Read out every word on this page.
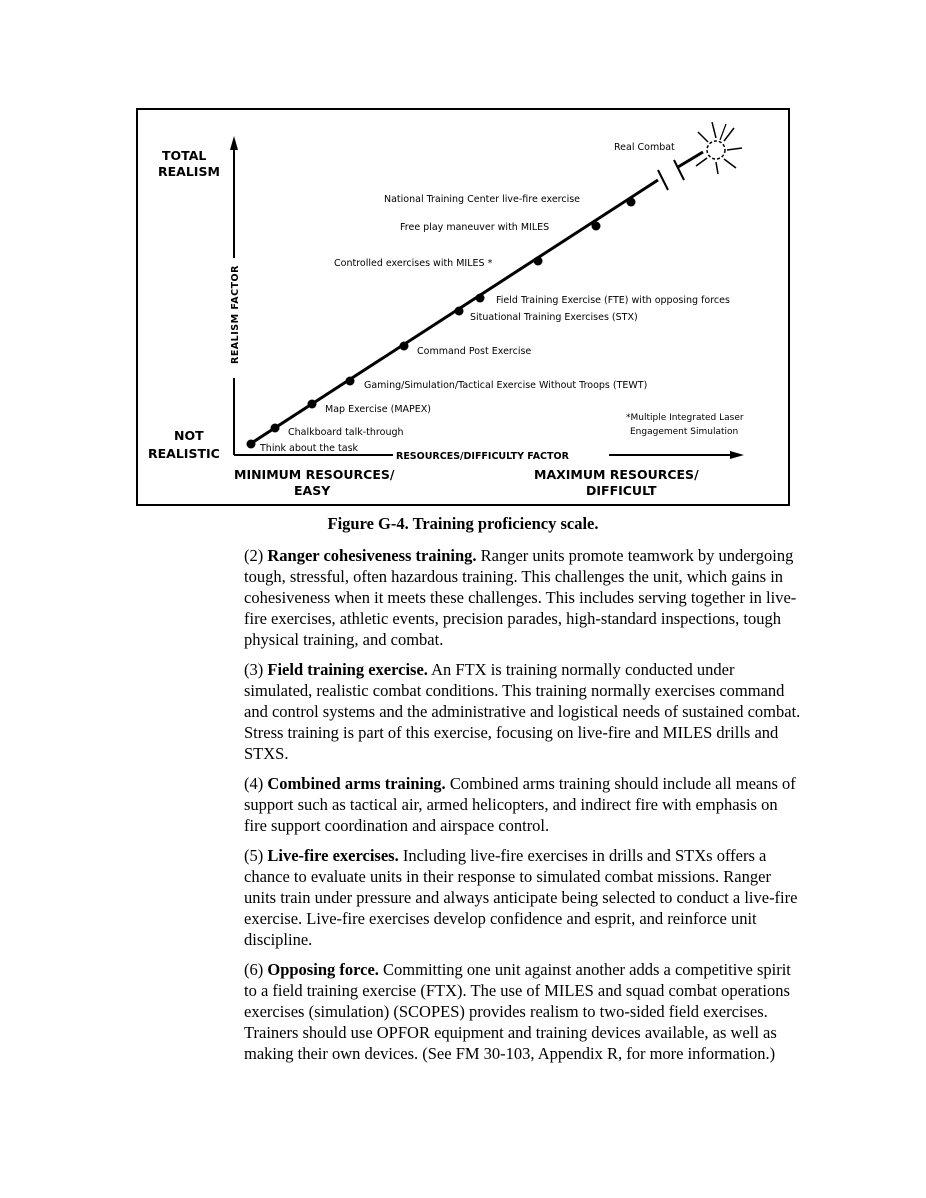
REALISM FACTOR
RESOURCES/DIFFICULTY FACTOR
TOTAL
REALISM
NOT
REALISTIC
MINIMUM RESOURCES/
EASY
MAXIMUM RESOURCES/
DIFFICULT
Think about the task
Chalkboard talk-through
Map Exercise (MAPEX)
Gaming/Simulation/Tactical Exercise Without Troops (TEWT)
Command Post Exercise
Situational Training Exercises (STX)
Field Training Exercise (FTE) with opposing forces
Controlled exercises with MILES *
Free play maneuver with MILES
National Training Center live-fire exercise
Real Combat
*Multiple Integrated Laser
Engagement Simulation

Figure G-4. Training proficiency scale.

(2) Ranger cohesiveness training. Ranger units promote teamwork by undergoing tough, stressful, often hazardous training. This challenges the unit, which gains in cohesiveness when it meets these challenges. This includes serving together in live-fire exercises, athletic events, precision parades, high-standard inspections, tough physical training, and combat.

(3) Field training exercise. An FTX is training normally conducted under simulated, realistic combat conditions. This training normally exercises command and control systems and the administrative and logistical needs of sustained combat. Stress training is part of this exercise, focusing on live-fire and MILES drills and STXS.

(4) Combined arms training. Combined arms training should include all means of support such as tactical air, armed helicopters, and indirect fire with emphasis on fire support coordination and airspace control.

(5) Live-fire exercises. Including live-fire exercises in drills and STXs offers a chance to evaluate units in their response to simulated combat missions. Ranger units train under pressure and always anticipate being selected to conduct a live-fire exercise. Live-fire exercises develop confidence and esprit, and reinforce unit discipline.

(6) Opposing force. Committing one unit against another adds a competitive spirit to a field training exercise (FTX). The use of MILES and squad combat operations exercises (simulation) (SCOPES) provides realism to two-sided field exercises. Trainers should use OPFOR equipment and training devices available, as well as making their own devices. (See FM 30-103, Appendix R, for more information.)
